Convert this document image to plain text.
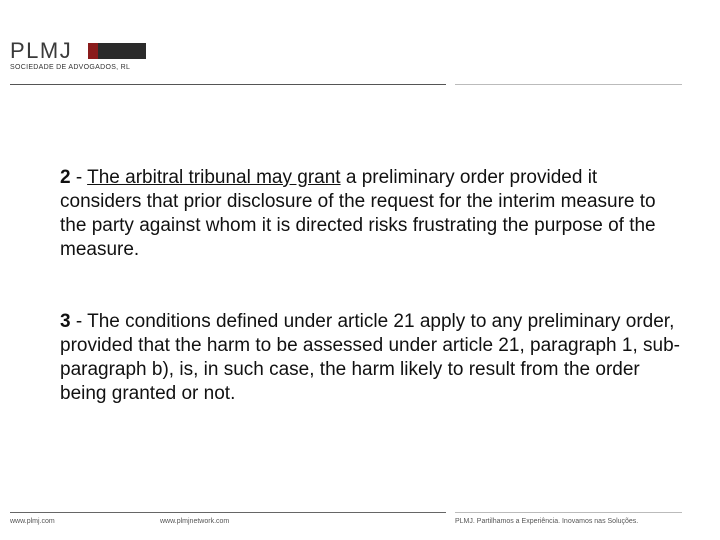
PLMJ
SOCIEDADE DE ADVOGADOS, RL

2 - The arbitral tribunal may grant a preliminary order provided it considers that prior disclosure of the request for the interim measure to the party against whom it is directed risks frustrating the purpose of the measure.

3 - The conditions defined under article 21 apply to any preliminary order, provided that the harm to be assessed under article 21, paragraph 1, sub-paragraph b), is, in such case, the harm likely to result from the order being granted or not.

www.plmj.com	www.plmjnetwork.com	PLMJ. Partilhamos a Experiência. Inovamos nas Soluções.
